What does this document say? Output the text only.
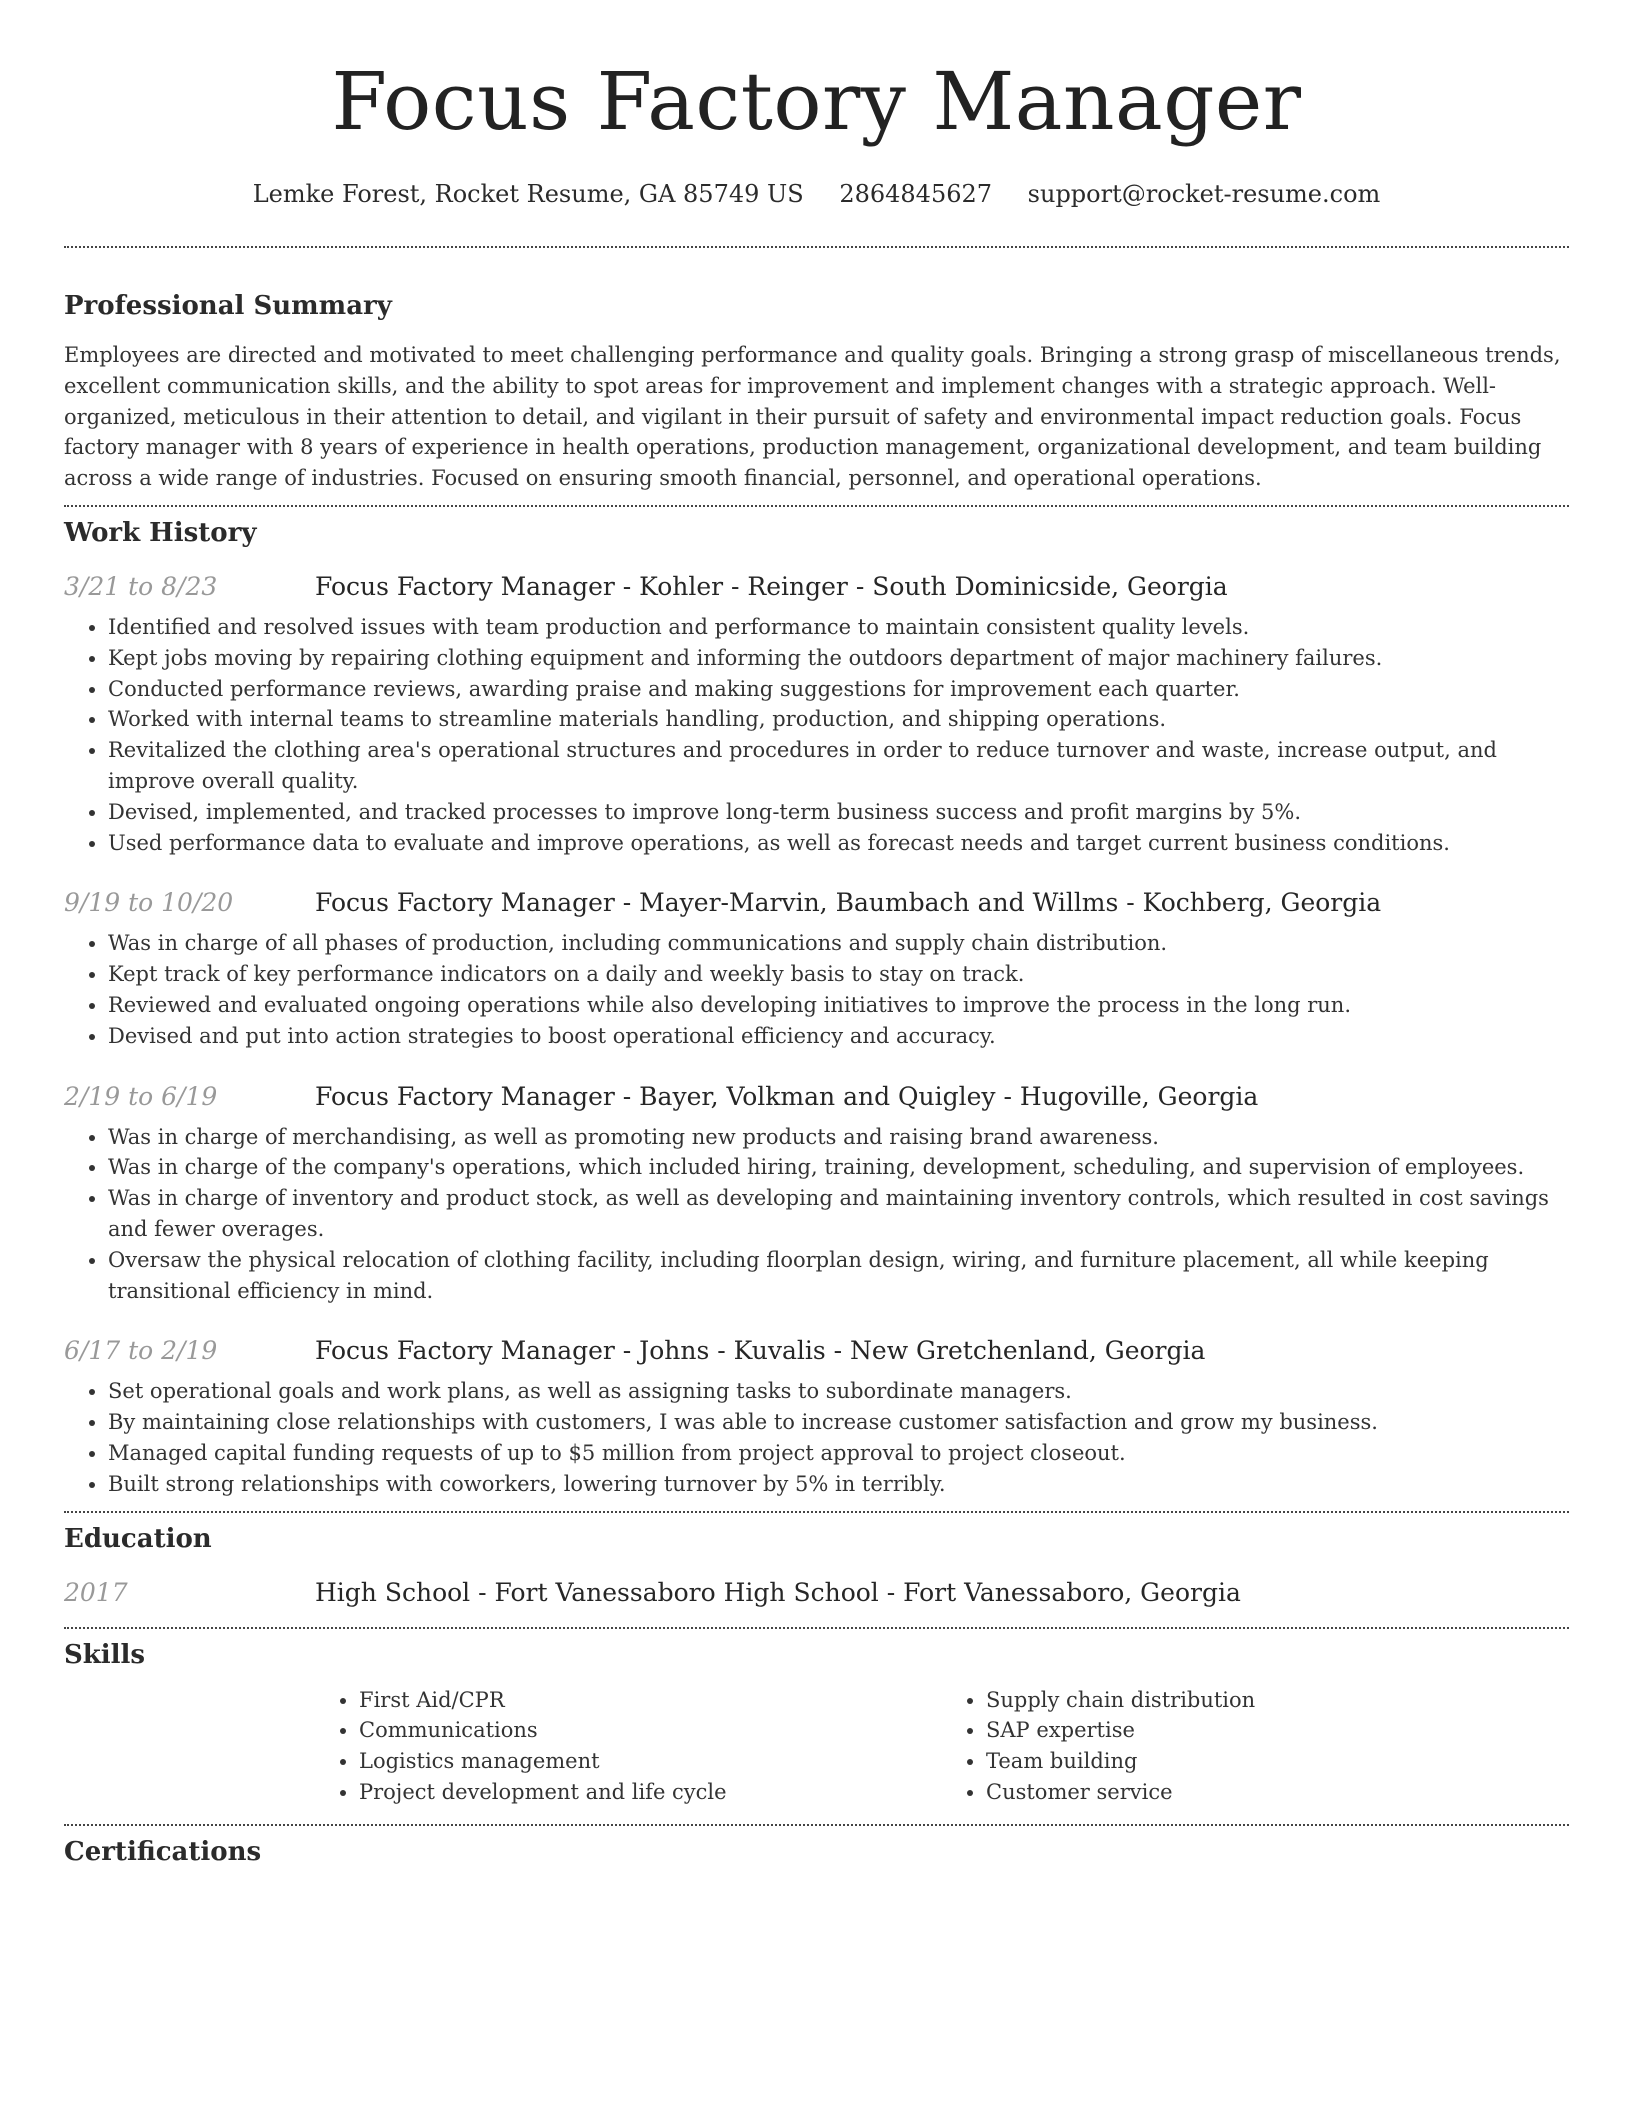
Focus Factory Manager
Lemke Forest, Rocket Resume, GA 85749 US 2864845627 support@rocket-resume.com
Professional Summary

Employees are directed and motivated to meet challenging performance and quality goals. Bringing a strong grasp of miscellaneous trends, excellent communication skills, and the ability to spot areas for improvement and implement changes with a strategic approach. Well-organized, meticulous in their attention to detail, and vigilant in their pursuit of safety and environmental impact reduction goals. Focus factory manager with 8 years of experience in health operations, production management, organizational development, and team building across a wide range of industries. Focused on ensuring smooth financial, personnel, and operational operations.

Work History
3/21 to 8/23	Focus Factory Manager - Kohler - Reinger - South Dominicside, Georgia
• Identified and resolved issues with team production and performance to maintain consistent quality levels.
• Kept jobs moving by repairing clothing equipment and informing the outdoors department of major machinery failures.
• Conducted performance reviews, awarding praise and making suggestions for improvement each quarter.
• Worked with internal teams to streamline materials handling, production, and shipping operations.
• Revitalized the clothing area's operational structures and procedures in order to reduce turnover and waste, increase output, and improve overall quality.
• Devised, implemented, and tracked processes to improve long-term business success and profit margins by 5%.
• Used performance data to evaluate and improve operations, as well as forecast needs and target current business conditions.
9/19 to 10/20	Focus Factory Manager - Mayer-Marvin, Baumbach and Willms - Kochberg, Georgia
• Was in charge of all phases of production, including communications and supply chain distribution.
• Kept track of key performance indicators on a daily and weekly basis to stay on track.
• Reviewed and evaluated ongoing operations while also developing initiatives to improve the process in the long run.
• Devised and put into action strategies to boost operational efficiency and accuracy.
2/19 to 6/19	Focus Factory Manager - Bayer, Volkman and Quigley - Hugoville, Georgia
• Was in charge of merchandising, as well as promoting new products and raising brand awareness.
• Was in charge of the company's operations, which included hiring, training, development, scheduling, and supervision of employees.
• Was in charge of inventory and product stock, as well as developing and maintaining inventory controls, which resulted in cost savings and fewer overages.
• Oversaw the physical relocation of clothing facility, including floorplan design, wiring, and furniture placement, all while keeping transitional efficiency in mind.
6/17 to 2/19	Focus Factory Manager - Johns - Kuvalis - New Gretchenland, Georgia
• Set operational goals and work plans, as well as assigning tasks to subordinate managers.
• By maintaining close relationships with customers, I was able to increase customer satisfaction and grow my business.
• Managed capital funding requests of up to $5 million from project approval to project closeout.
• Built strong relationships with coworkers, lowering turnover by 5% in terribly.
Education
2017	High School - Fort Vanessaboro High School - Fort Vanessaboro, Georgia
Skills
• First Aid/CPR
• Communications
• Logistics management
• Project development and life cycle
• Supply chain distribution
• SAP expertise
• Team building
• Customer service
Certifications
